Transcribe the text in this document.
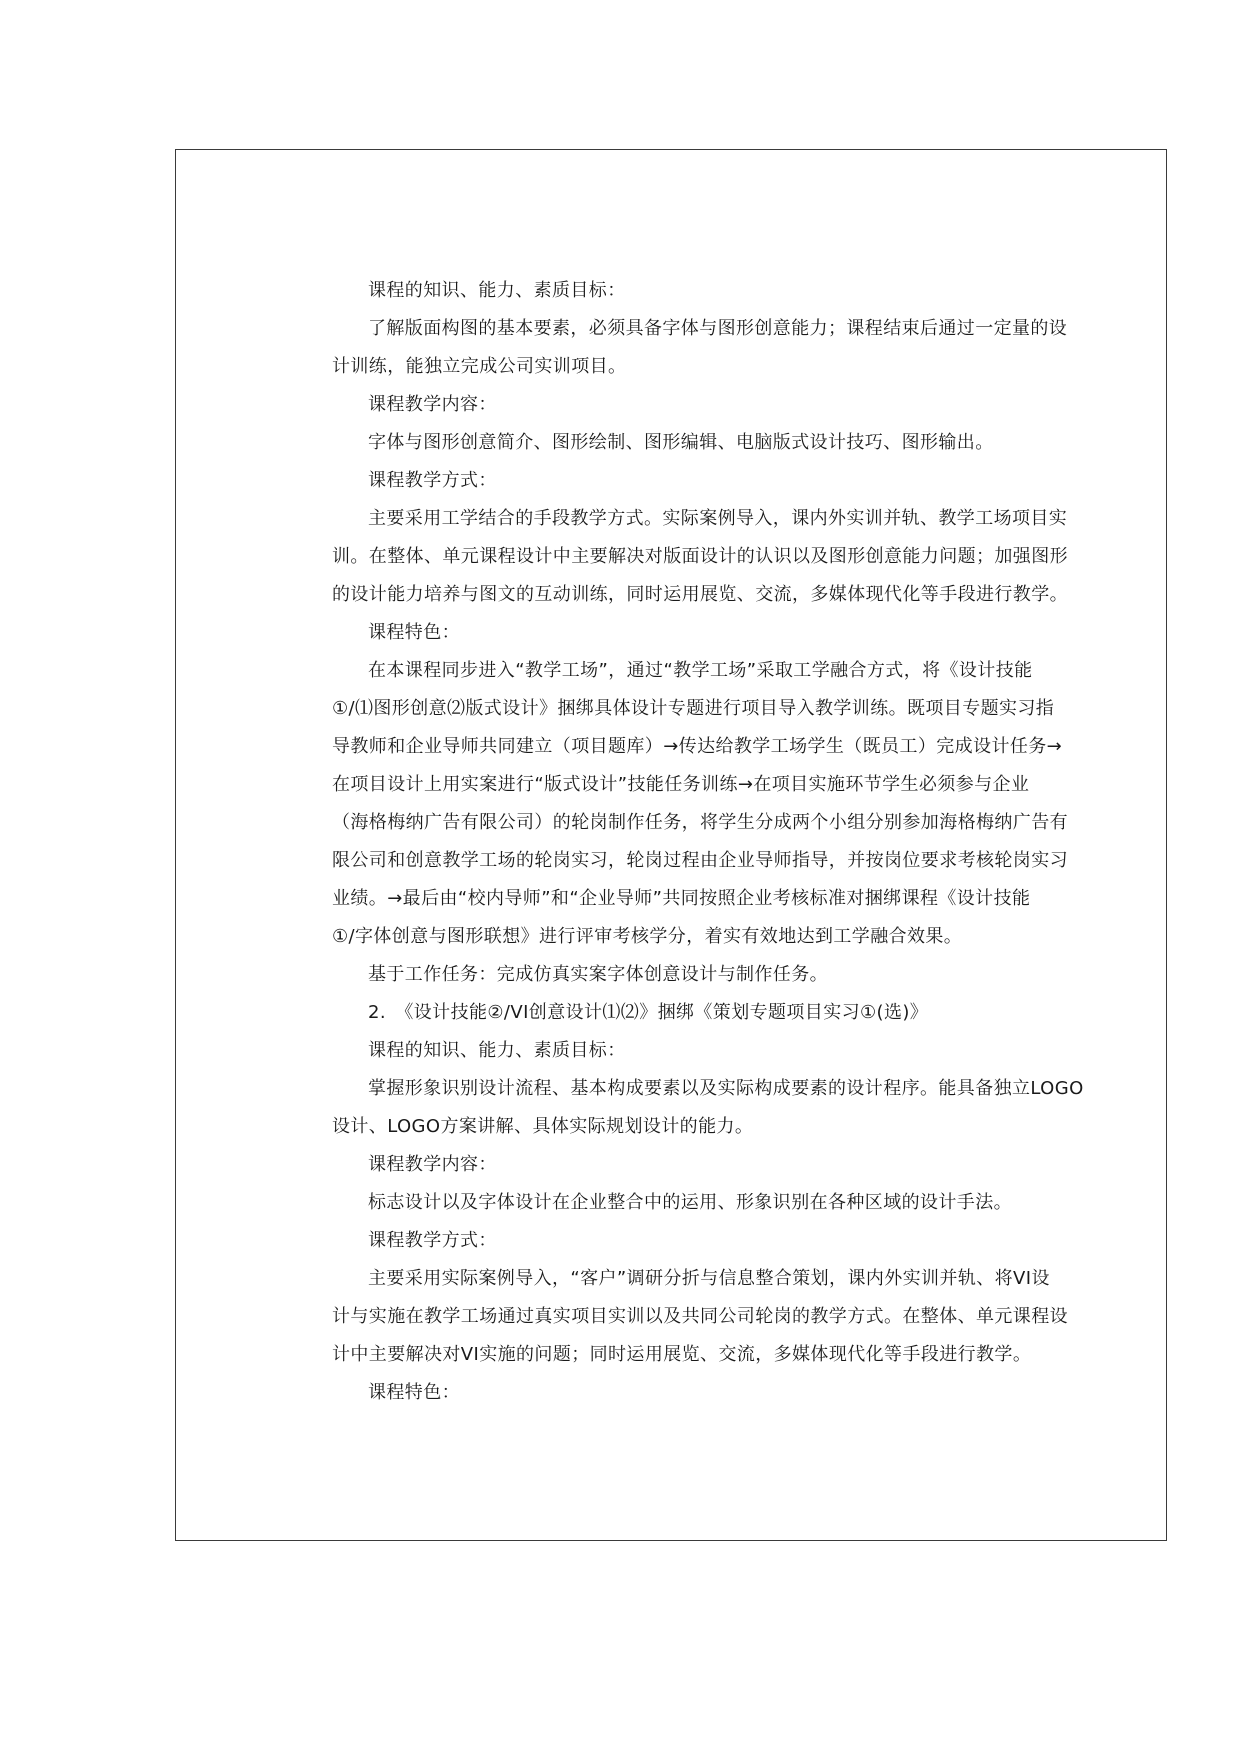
课程的知识、能力、素质目标：
了解版面构图的基本要素，必须具备字体与图形创意能力；课程结束后通过一定量的设
计训练，能独立完成公司实训项目。
课程教学内容：
字体与图形创意简介、图形绘制、图形编辑、电脑版式设计技巧、图形输出。
课程教学方式：
主要采用工学结合的手段教学方式。实际案例导入，课内外实训并轨、教学工场项目实
训。在整体、单元课程设计中主要解决对版面设计的认识以及图形创意能力问题；加强图形
的设计能力培养与图文的互动训练，同时运用展览、交流，多媒体现代化等手段进行教学。
课程特色：
在本课程同步进入“教学工场”，通过“教学工场”采取工学融合方式，将《设计技能
①/⑴图形创意⑵版式设计》捆绑具体设计专题进行项目导入教学训练。既项目专题实习指
导教师和企业导师共同建立（项目题库）→传达给教学工场学生（既员工）完成设计任务→
在项目设计上用实案进行“版式设计”技能任务训练→在项目实施环节学生必须参与企业
（海格梅纳广告有限公司）的轮岗制作任务，将学生分成两个小组分别参加海格梅纳广告有
限公司和创意教学工场的轮岗实习，轮岗过程由企业导师指导，并按岗位要求考核轮岗实习
业绩。→最后由“校内导师”和“企业导师”共同按照企业考核标准对捆绑课程《设计技能
①/字体创意与图形联想》进行评审考核学分，着实有效地达到工学融合效果。
基于工作任务：完成仿真实案字体创意设计与制作任务。
2.　《设计技能②/VI创意设计⑴⑵》捆绑《策划专题项目实习①(选)》
课程的知识、能力、素质目标：
掌握形象识别设计流程、基本构成要素以及实际构成要素的设计程序。能具备独立LOGO
设计、LOGO方案讲解、具体实际规划设计的能力。
课程教学内容：
标志设计以及字体设计在企业整合中的运用、形象识别在各种区域的设计手法。
课程教学方式：
主要采用实际案例导入，“客户”调研分折与信息整合策划，课内外实训并轨、将VI设
计与实施在教学工场通过真实项目实训以及共同公司轮岗的教学方式。在整体、单元课程设
计中主要解决对VI实施的问题；同时运用展览、交流，多媒体现代化等手段进行教学。
课程特色：
